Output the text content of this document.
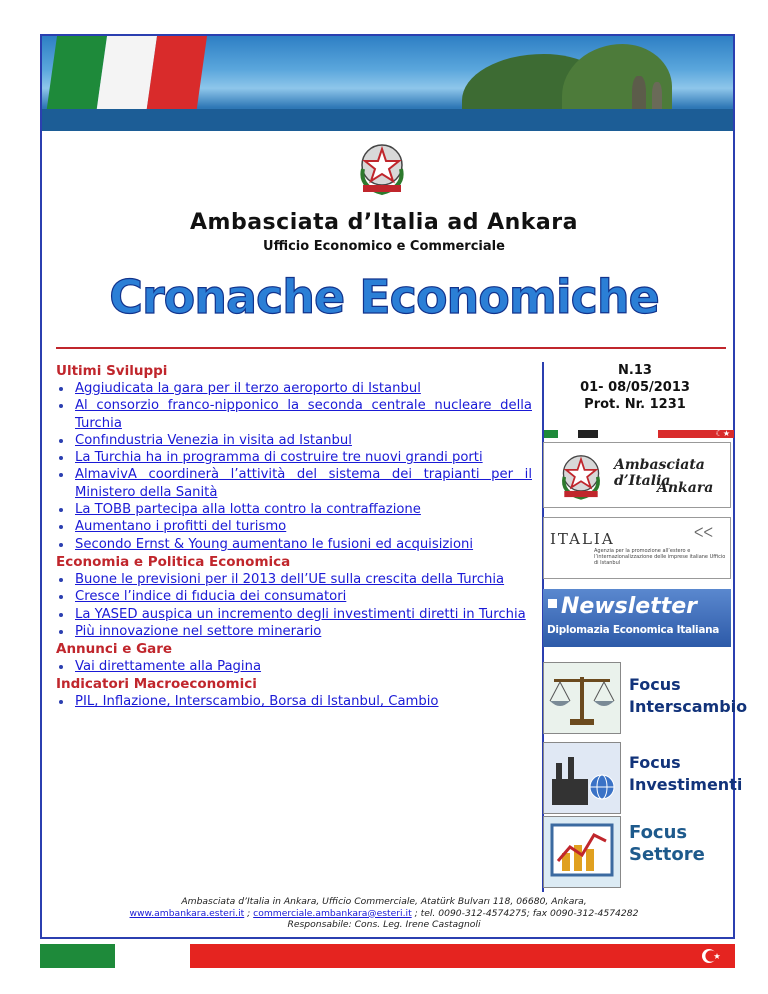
Ambasciata d’Italia ad Ankara
Ufficio Economico e Commerciale
Cronache Economiche
Ultimi Sviluppi
Aggiudicata la gara per il terzo aeroporto di Istanbul
Al consorzio franco-nipponico la seconda centrale nucleare della Turchia
Confındustria Venezia in visita ad Istanbul
La Turchia ha in programma di costruire tre nuovi grandi porti
AlmavivA coordinerà l’attività del sistema dei trapianti per il Ministero della Sanità
La TOBB partecipa alla lotta contro la contraffazione
Aumentano i profitti del turismo
Secondo Ernst & Young aumentano le fusioni ed acquisizioni
Economia e Politica Economica
Buone le previsioni per il 2013 dell’UE sulla crescita della Turchia
Cresce l’indice di fıducia dei consumatori
La YASED auspica un incremento degli investimenti diretti in Turchia
Più innovazione nel settore minerario
Annunci e Gare
Vai direttamente alla Pagina
Indicatori Macroeconomici
PIL, Inflazione, Interscambio, Borsa di Istanbul, Cambio
N.13
01- 08/05/2013
Prot. Nr. 1231
☾★
Ambasciata d’Italia
Ankara
ITALIA	ᐸᐸ
Agenzia per la promozione all’estero e l’internazionalizzazione delle imprese italiane Ufficio di Istanbul
Newsletter
Diplomazia Economica Italiana
Focus
Interscambio
Focus
Investimenti
Focus
Settore
Ambasciata d’Italia in Ankara, Ufficio Commerciale, Atatürk Bulvarı 118, 06680, Ankara,
www.ambankara.esteri.it ; commerciale.ambankara@esteri.it ; tel. 0090-312-4574275; fax 0090-312-4574282
Responsabile: Cons. Leg. Irene Castagnoli
